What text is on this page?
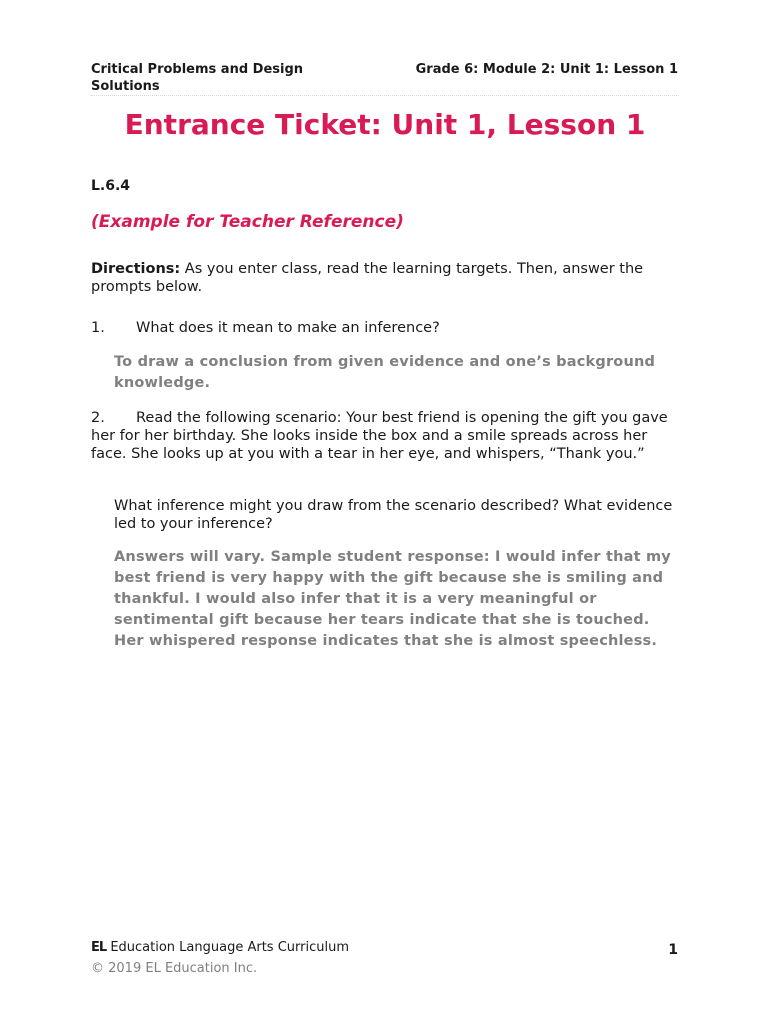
Critical Problems and Design Solutions
Grade 6: Module 2: Unit 1: Lesson 1
Entrance Ticket: Unit 1, Lesson 1
L.6.4
(Example for Teacher Reference)
Directions: As you enter class, read the learning targets. Then, answer the prompts below.
1. What does it mean to make an inference?
To draw a conclusion from given evidence and one’s background knowledge.
2. Read the following scenario: Your best friend is opening the gift you gave her for her birthday. She looks inside the box and a smile spreads across her face. She looks up at you with a tear in her eye, and whispers, “Thank you.”
What inference might you draw from the scenario described? What evidence led to your inference?
Answers will vary. Sample student response: I would infer that my best friend is very happy with the gift because she is smiling and thankful. I would also infer that it is a very meaningful or sentimental gift because her tears indicate that she is touched. Her whispered response indicates that she is almost speechless.
EL Education Language Arts Curriculum	1
© 2019 EL Education Inc.
